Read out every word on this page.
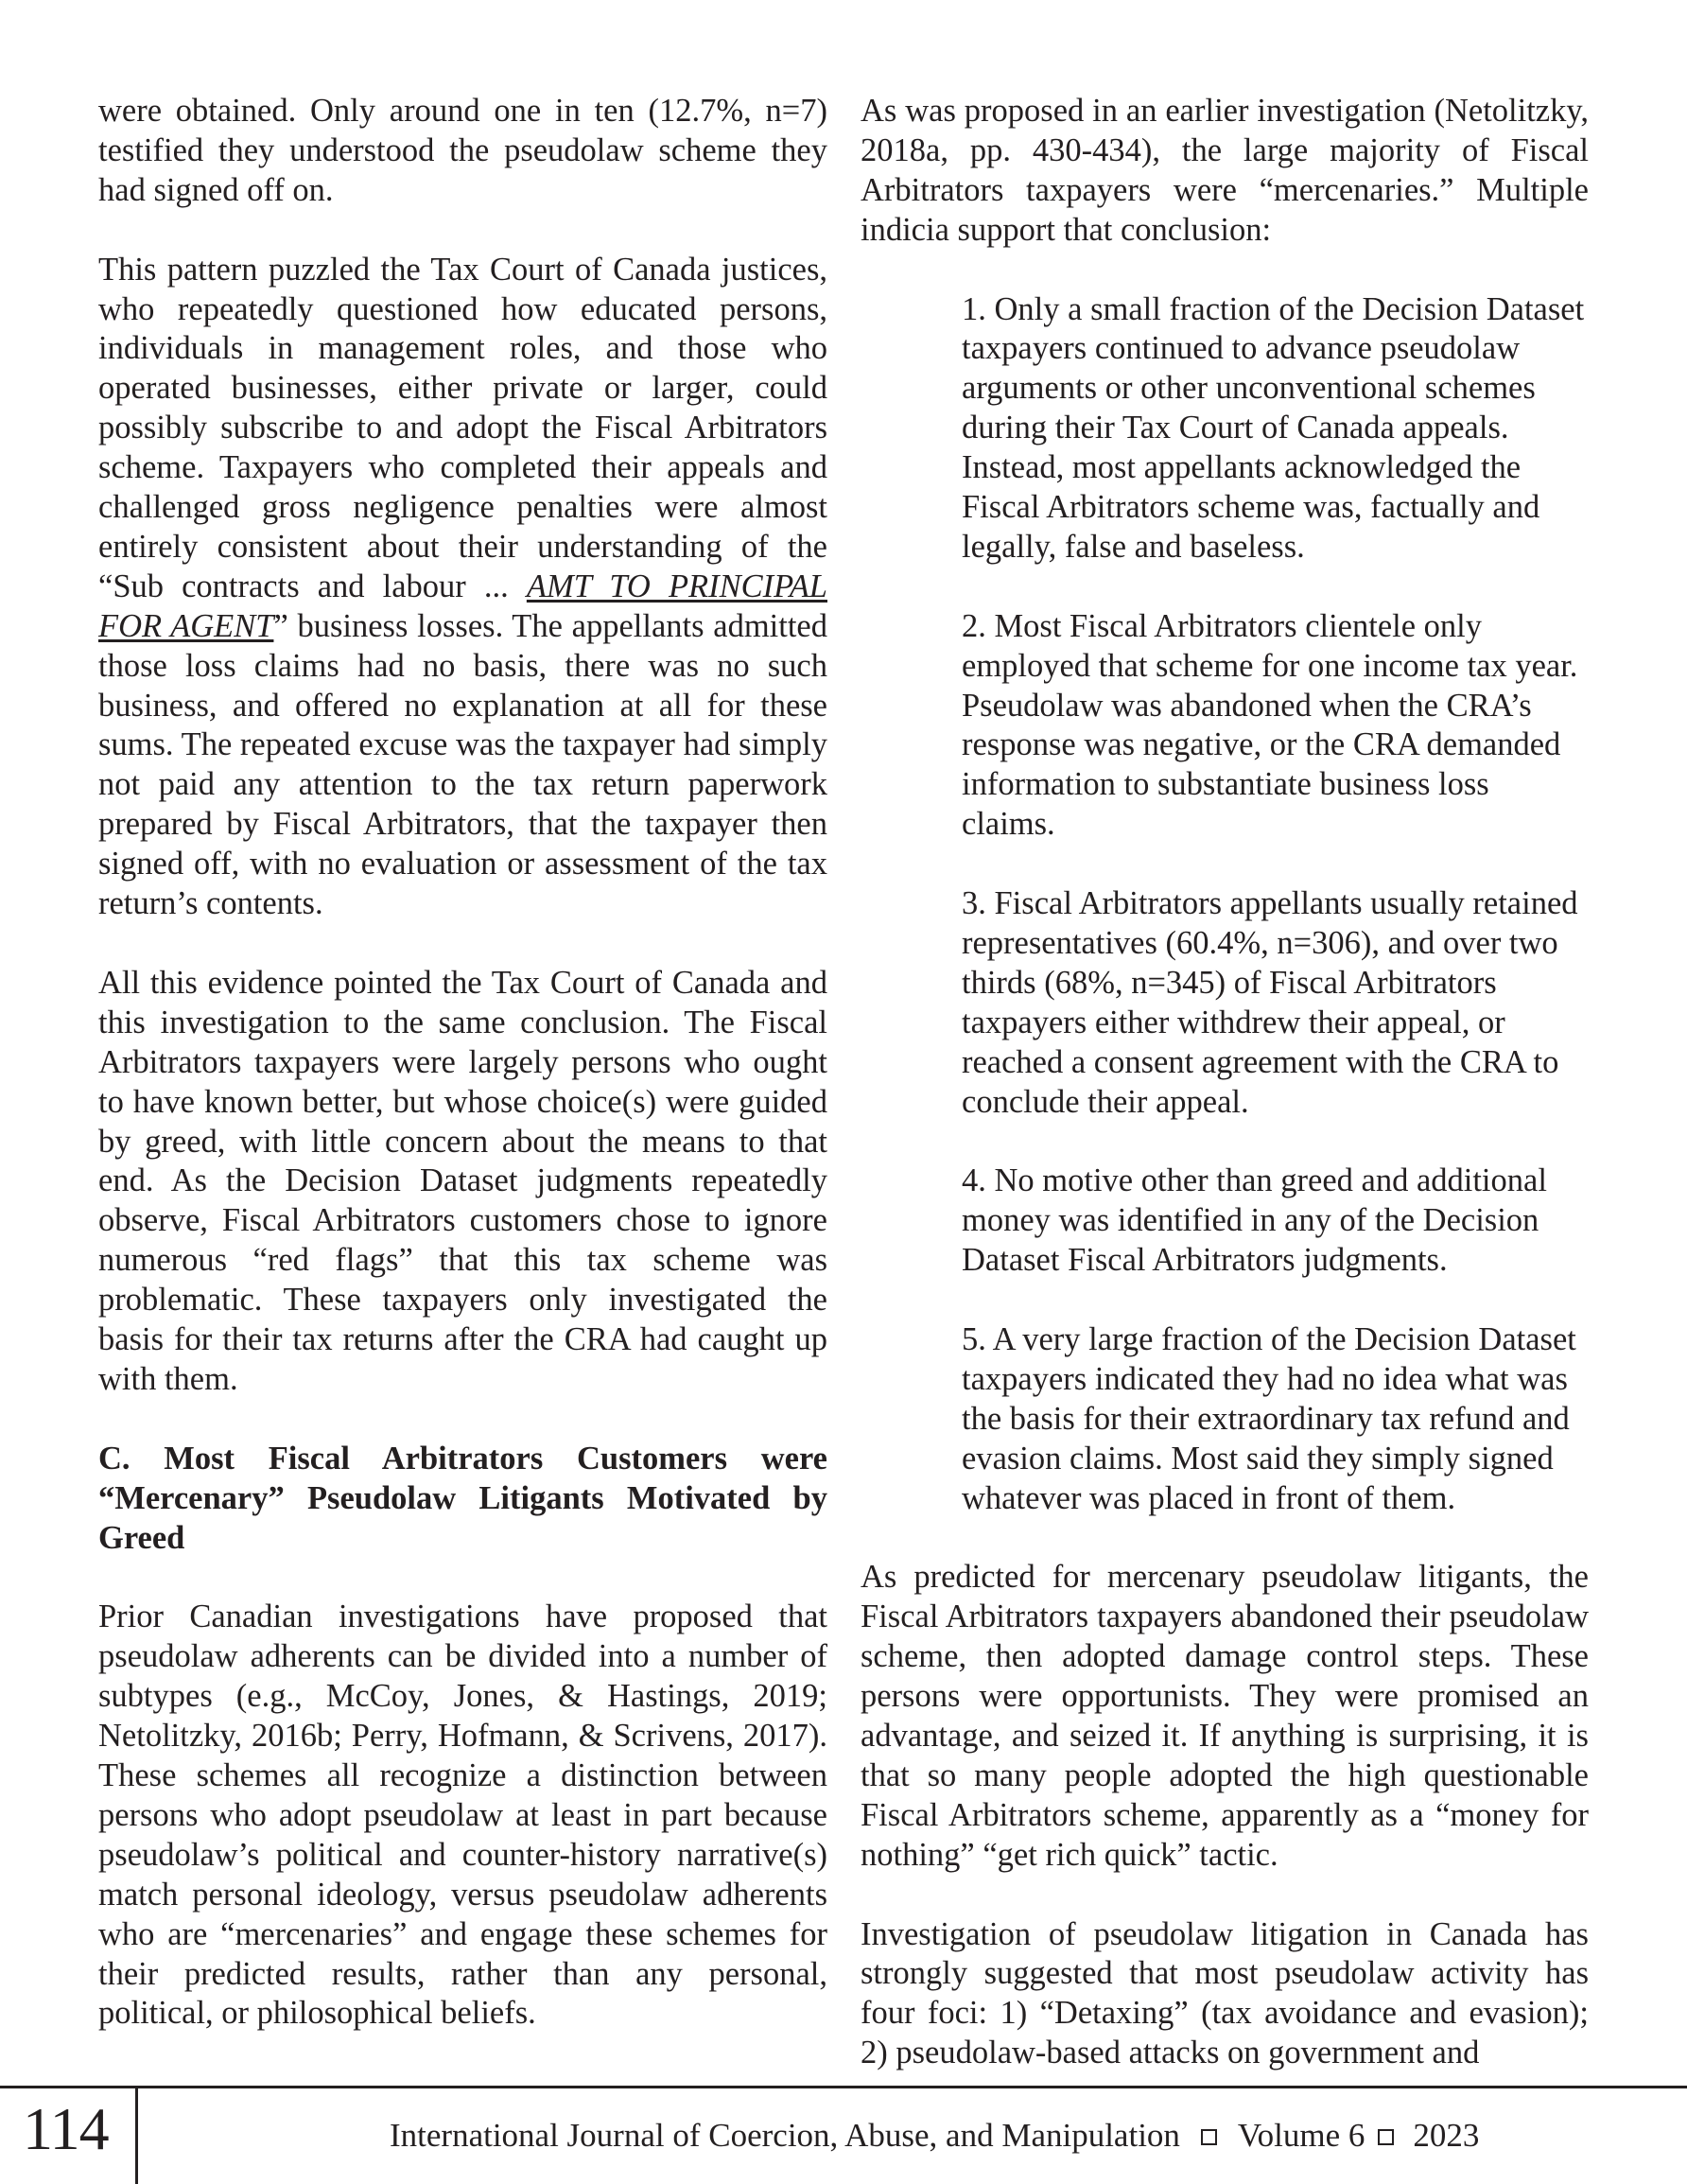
were obtained. Only around one in ten (12.7%, n=7) testified they understood the pseudolaw scheme they had signed off on.

This pattern puzzled the Tax Court of Canada justices, who repeatedly questioned how educated persons, individuals in management roles, and those who operated businesses, either private or larger, could possibly subscribe to and adopt the Fiscal Arbitrators scheme. Taxpayers who completed their appeals and challenged gross negligence penalties were almost entirely consistent about their understanding of the “Sub contracts and labour ... AMT TO PRINCIPAL FOR AGENT” business losses. The appellants admitted those loss claims had no basis, there was no such business, and offered no explanation at all for these sums. The repeated excuse was the taxpayer had simply not paid any attention to the tax return paperwork prepared by Fiscal Arbitrators, that the taxpayer then signed off, with no evaluation or assessment of the tax return’s contents.

All this evidence pointed the Tax Court of Canada and this investigation to the same conclusion. The Fiscal Arbitrators taxpayers were largely persons who ought to have known better, but whose choice(s) were guided by greed, with little concern about the means to that end. As the Decision Dataset judgments repeatedly observe, Fiscal Arbitrators customers chose to ignore numerous “red flags” that this tax scheme was problematic. These taxpayers only investigated the basis for their tax returns after the CRA had caught up with them.

C. Most Fiscal Arbitrators Customers were “Mercenary” Pseudolaw Litigants Motivated by Greed

Prior Canadian investigations have proposed that pseudolaw adherents can be divided into a number of subtypes (e.g., McCoy, Jones, & Hastings, 2019; Netolitzky, 2016b; Perry, Hofmann, & Scrivens, 2017). These schemes all recognize a distinction between persons who adopt pseudolaw at least in part because pseudolaw’s political and counter-history narrative(s) match personal ideology, versus pseudolaw adherents who are “mercenaries” and engage these schemes for their predicted results, rather than any personal, political, or philosophical beliefs.

As was proposed in an earlier investigation (Netolitzky, 2018a, pp. 430-434), the large majority of Fiscal Arbitrators taxpayers were “mercenaries.” Multiple indicia support that conclusion:

1. Only a small fraction of the Decision Dataset taxpayers continued to advance pseudolaw arguments or other unconventional schemes during their Tax Court of Canada appeals. Instead, most appellants acknowledged the Fiscal Arbitrators scheme was, factually and legally, false and baseless.
2. Most Fiscal Arbitrators clientele only employed that scheme for one income tax year. Pseudolaw was abandoned when the CRA’s response was negative, or the CRA demanded information to substantiate business loss claims.
3. Fiscal Arbitrators appellants usually retained representatives (60.4%, n=306), and over two thirds (68%, n=345) of Fiscal Arbitrators taxpayers either withdrew their appeal, or reached a consent agreement with the CRA to conclude their appeal.
4. No motive other than greed and additional money was identified in any of the Decision Dataset Fiscal Arbitrators judgments.
5. A very large fraction of the Decision Dataset taxpayers indicated they had no idea what was the basis for their extraordinary tax refund and evasion claims. Most said they simply signed whatever was placed in front of them.

As predicted for mercenary pseudolaw litigants, the Fiscal Arbitrators taxpayers abandoned their pseudolaw scheme, then adopted damage control steps. These persons were opportunists. They were promised an advantage, and seized it. If anything is surprising, it is that so many people adopted the high questionable Fiscal Arbitrators scheme, apparently as a “money for nothing” “get rich quick” tactic.

Investigation of pseudolaw litigation in Canada has strongly suggested that most pseudolaw activity has four foci: 1) “Detaxing” (tax avoidance and evasion); 2) pseudolaw-based attacks on government and

114	International Journal of Coercion, Abuse, and Manipulation Volume 6 2023
